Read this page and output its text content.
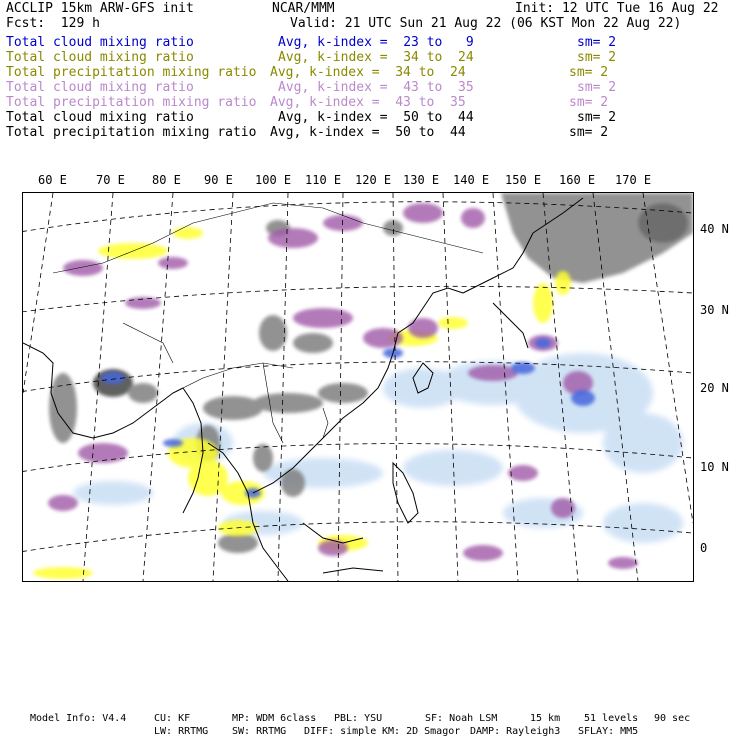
ACCLIP 15km ARW-GFS init	NCAR/MMM	Init: 12 UTC Tue 16 Aug 22
Fcst:  129 h	Valid: 21 UTC Sun 21 Aug 22 (06 KST Mon 22 Aug 22)
Total cloud mixing ratio	Avg, k-index =  23 to   9	sm= 2
Total cloud mixing ratio	Avg, k-index =  34 to  24	sm= 2
Total precipitation mixing ratio Avg, k-index =  34 to  24	sm= 2
Total cloud mixing ratio	Avg, k-index =  43 to  35	sm= 2
Total precipitation mixing ratio Avg, k-index =  43 to  35	sm= 2
Total cloud mixing ratio	Avg, k-index =  50 to  44	sm= 2
Total precipitation mixing ratio Avg, k-index =  50 to  44	sm= 2
60 E 70 E 80 E 90 E 100 E 110 E 120 E 130 E 140 E 150 E 160 E 170 E
40 N
30 N
20 N
10 N
0
Model Info: V4.4	CU: KF	MP: WDM 6class PBL: YSU	SF: Noah LSM	15 km 51 levels 90 sec
LW: RRTMG SW: RRTMG DIFF: simple KM: 2D Smagor DAMP: Rayleigh3 SFLAY: MM5
